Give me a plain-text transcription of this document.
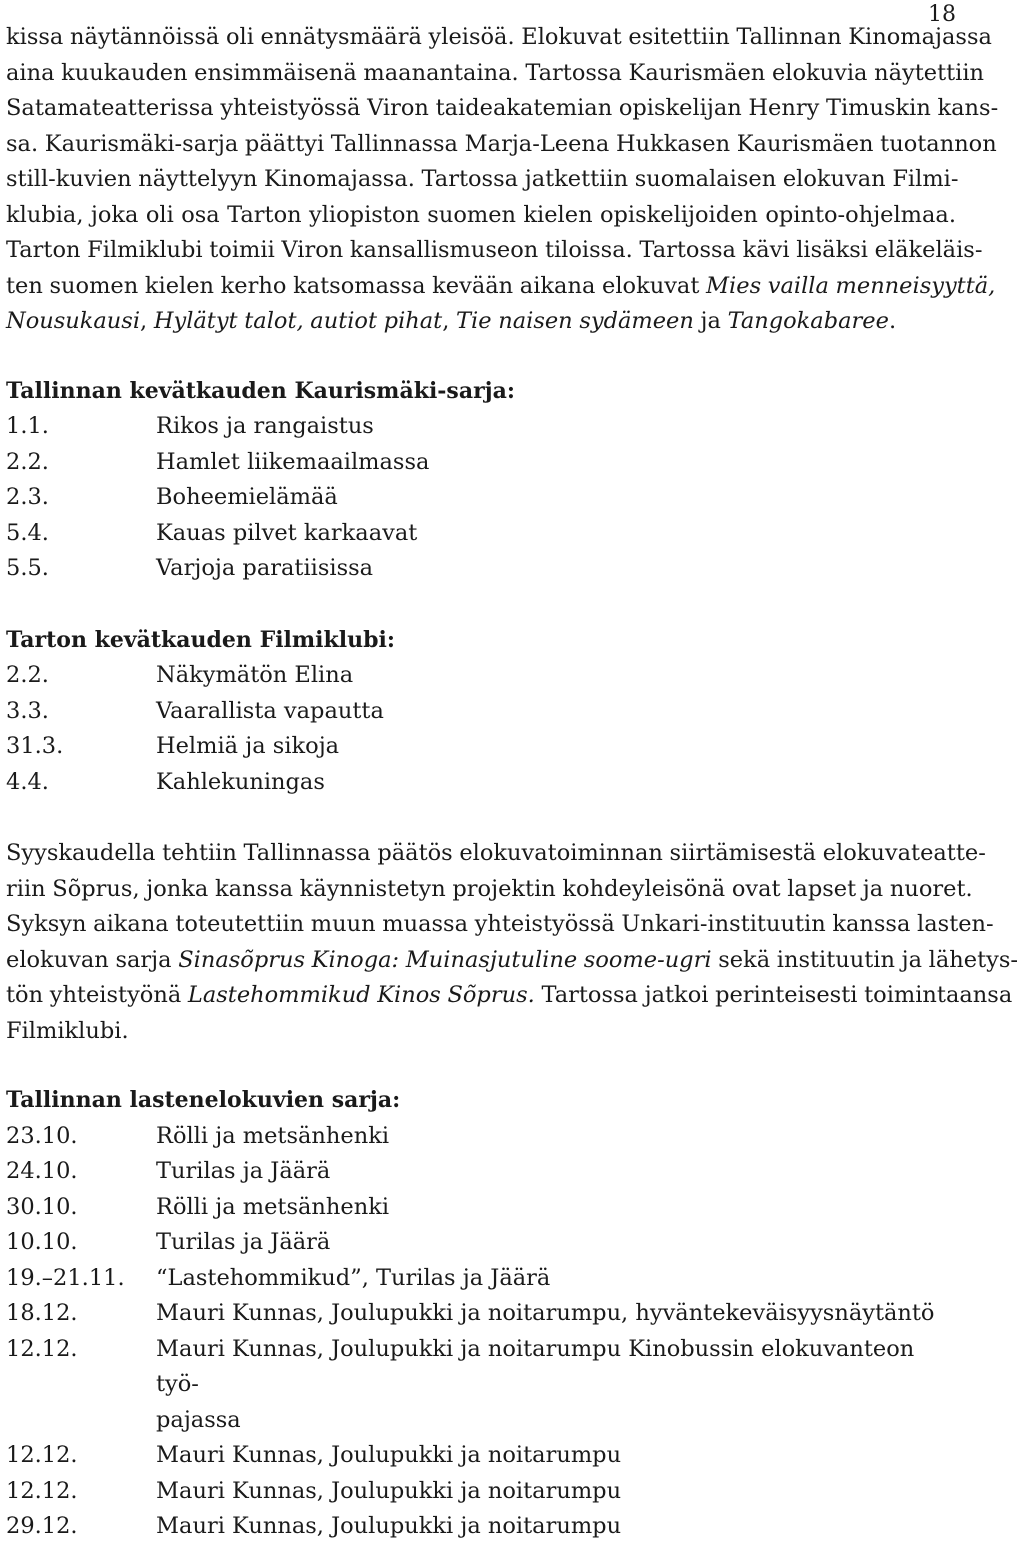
18

kissa näytännöissä oli ennätysmäärä yleisöä. Elokuvat esitettiin Tallinnan Kinomajassa
aina kuukauden ensimmäisenä maanantaina. Tartossa Kaurismäen elokuvia näytettiin
Satamateatterissa yhteistyössä Viron taideakatemian opiskelijan Henry Timuskin kans-
sa. Kaurismäki-sarja päättyi Tallinnassa Marja-Leena Hukkasen Kaurismäen tuotannon
still-kuvien näyttelyyn Kinomajassa. Tartossa jatkettiin suomalaisen elokuvan Filmi-
klubia, joka oli osa Tarton yliopiston suomen kielen opiskelijoiden opinto-ohjelmaa.
Tarton Filmiklubi toimii Viron kansallismuseon tiloissa. Tartossa kävi lisäksi eläkeläis-
ten suomen kielen kerho katsomassa kevään aikana elokuvat Mies vailla menneisyyttä,
Nousukausi, Hylätyt talot, autiot pihat, Tie naisen sydämeen ja Tangokabaree.

Tallinnan kevätkauden Kaurismäki-sarja:
1.1.	Rikos ja rangaistus
2.2.	Hamlet liikemaailmassa
2.3.	Boheemielämää
5.4.	Kauas pilvet karkaavat
5.5.	Varjoja paratiisissa
Tarton kevätkauden Filmiklubi:
2.2.	Näkymätön Elina
3.3.	Vaarallista vapautta
31.3.	Helmiä ja sikoja
4.4.	Kahlekuningas

Syyskaudella tehtiin Tallinnassa päätös elokuvatoiminnan siirtämisestä elokuvateatte-
riin Sõprus, jonka kanssa käynnistetyn projektin kohdeyleisönä ovat lapset ja nuoret.
Syksyn aikana toteutettiin muun muassa yhteistyössä Unkari-instituutin kanssa lasten-
elokuvan sarja Sinasõprus Kinoga: Muinasjutuline soome-ugri sekä instituutin ja lähetys-
tön yhteistyönä Lastehommikud Kinos Sõprus. Tartossa jatkoi perinteisesti toimintaansa
Filmiklubi.

Tallinnan lastenelokuvien sarja:
23.10.	Rölli ja metsänhenki
24.10.	Turilas ja Jäärä
30.10.	Rölli ja metsänhenki
10.10.	Turilas ja Jäärä
19.–21.11.	“Lastehommikud”, Turilas ja Jäärä
18.12.	Mauri Kunnas, Joulupukki ja noitarumpu, hyväntekeväisyysnäytäntö
12.12.	Mauri Kunnas, Joulupukki ja noitarumpu Kinobussin elokuvanteon työ-
pajassa
12.12.	Mauri Kunnas, Joulupukki ja noitarumpu
12.12.	Mauri Kunnas, Joulupukki ja noitarumpu
29.12.	Mauri Kunnas, Joulupukki ja noitarumpu
